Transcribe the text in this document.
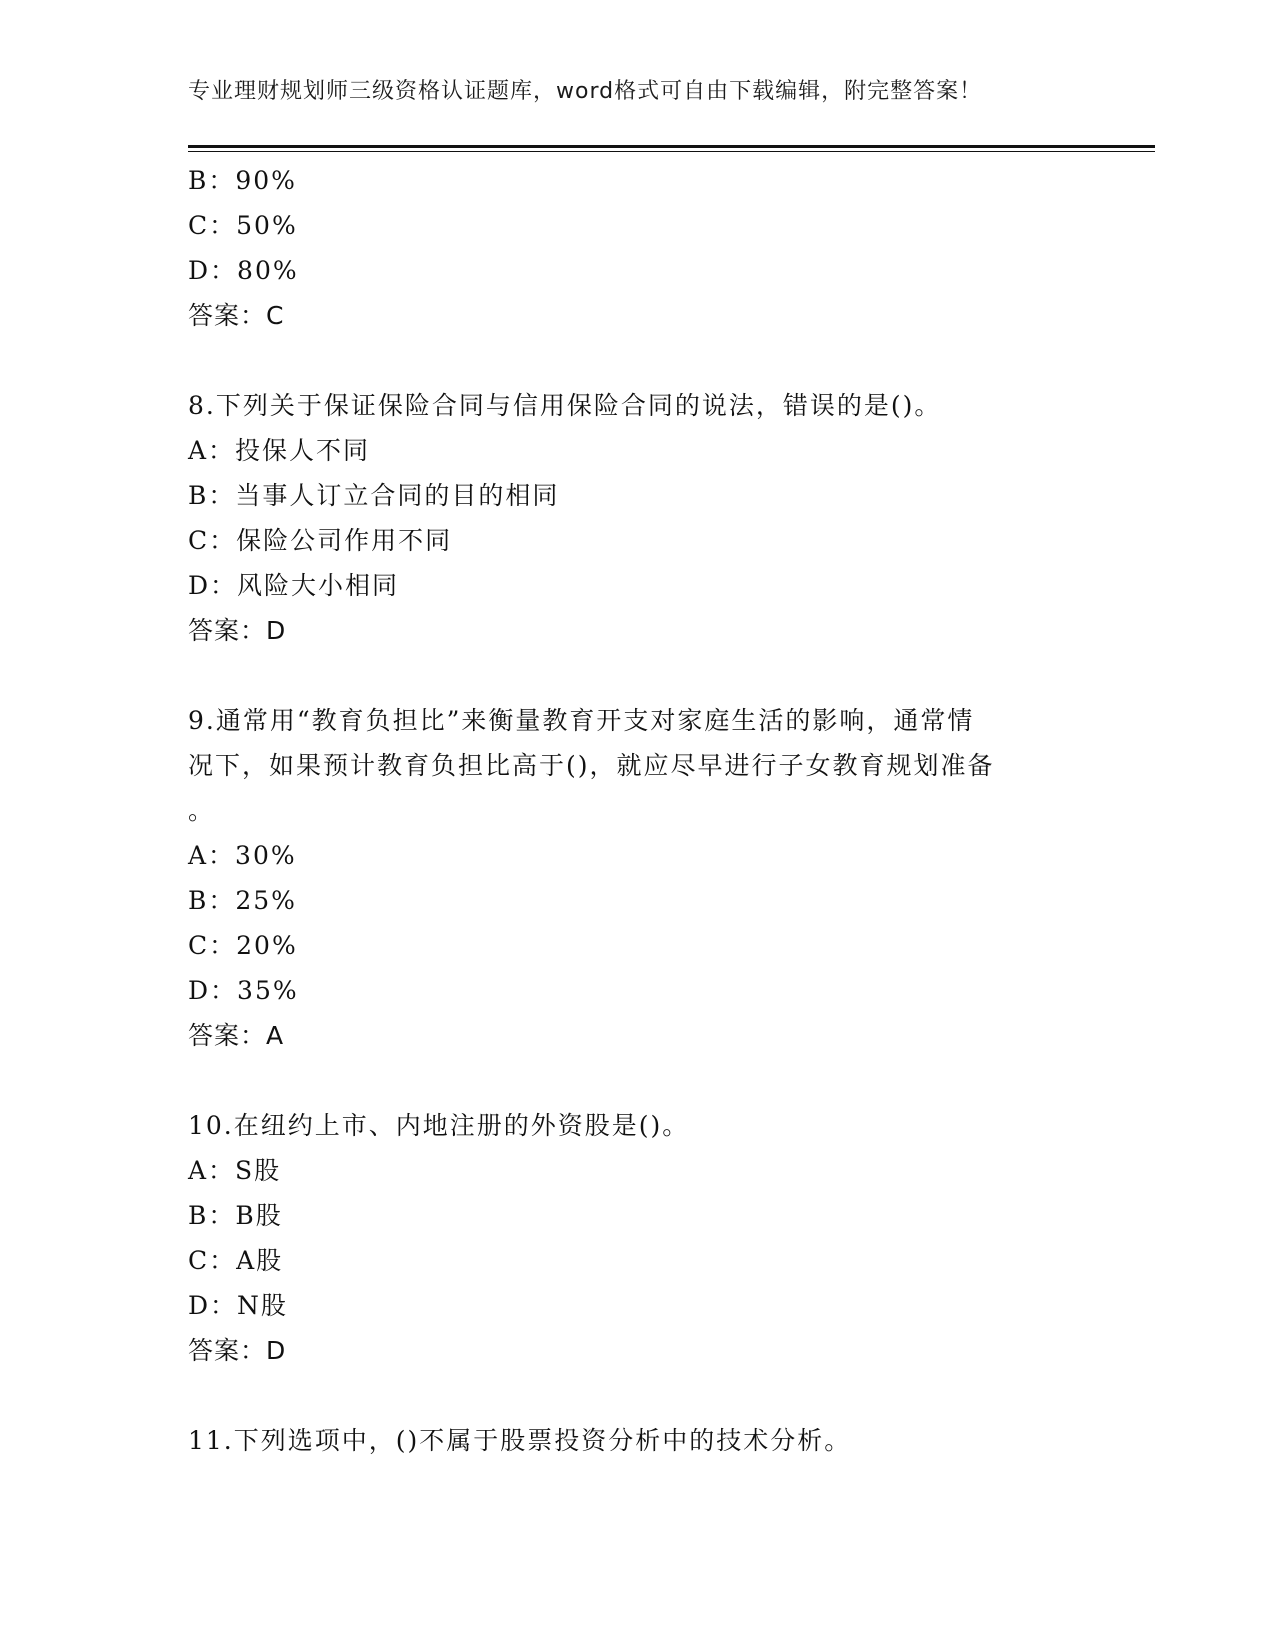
专业理财规划师三级资格认证题库，word格式可自由下载编辑，附完整答案！
B：90%
C：50%
D：80%
答案：C
8.下列关于保证保险合同与信用保险合同的说法，错误的是()。
A：投保人不同
B：当事人订立合同的目的相同
C：保险公司作用不同
D：风险大小相同
答案：D
9.通常用“教育负担比”来衡量教育开支对家庭生活的影响，通常情
况下，如果预计教育负担比高于()，就应尽早进行子女教育规划准备
。
A：30%
B：25%
C：20%
D：35%
答案：A
10.在纽约上市、内地注册的外资股是()。
A：S股
B：B股
C：A股
D：N股
答案：D
11.下列选项中，()不属于股票投资分析中的技术分析。
